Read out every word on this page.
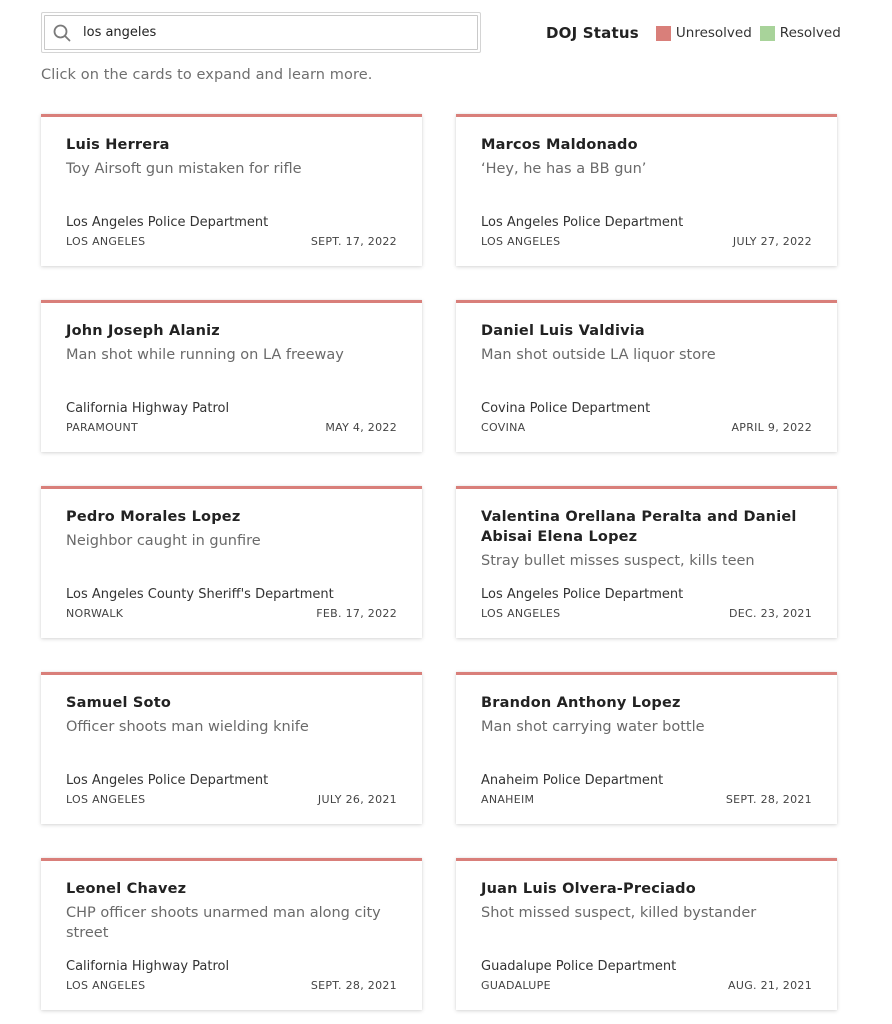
los angeles
DOJ Status	Unresolved Resolved
Click on the cards to expand and learn more.
Luis Herrera
Toy Airsoft gun mistaken for rifle
Los Angeles Police Department
LOS ANGELES	SEPT. 17, 2022
Marcos Maldonado
‘Hey, he has a BB gun’
Los Angeles Police Department
LOS ANGELES	JULY 27, 2022
John Joseph Alaniz
Man shot while running on LA freeway
California Highway Patrol
PARAMOUNT	MAY 4, 2022
Daniel Luis Valdivia
Man shot outside LA liquor store
Covina Police Department
COVINA	APRIL 9, 2022
Pedro Morales Lopez
Neighbor caught in gunfire
Los Angeles County Sheriff's Department
NORWALK	FEB. 17, 2022
Valentina Orellana Peralta and Daniel Abisai Elena Lopez
Stray bullet misses suspect, kills teen
Los Angeles Police Department
LOS ANGELES	DEC. 23, 2021
Samuel Soto
Officer shoots man wielding knife
Los Angeles Police Department
LOS ANGELES	JULY 26, 2021
Brandon Anthony Lopez
Man shot carrying water bottle
Anaheim Police Department
ANAHEIM	SEPT. 28, 2021
Leonel Chavez
CHP officer shoots unarmed man along city street
California Highway Patrol
LOS ANGELES	SEPT. 28, 2021
Juan Luis Olvera-Preciado
Shot missed suspect, killed bystander
Guadalupe Police Department
GUADALUPE	AUG. 21, 2021
